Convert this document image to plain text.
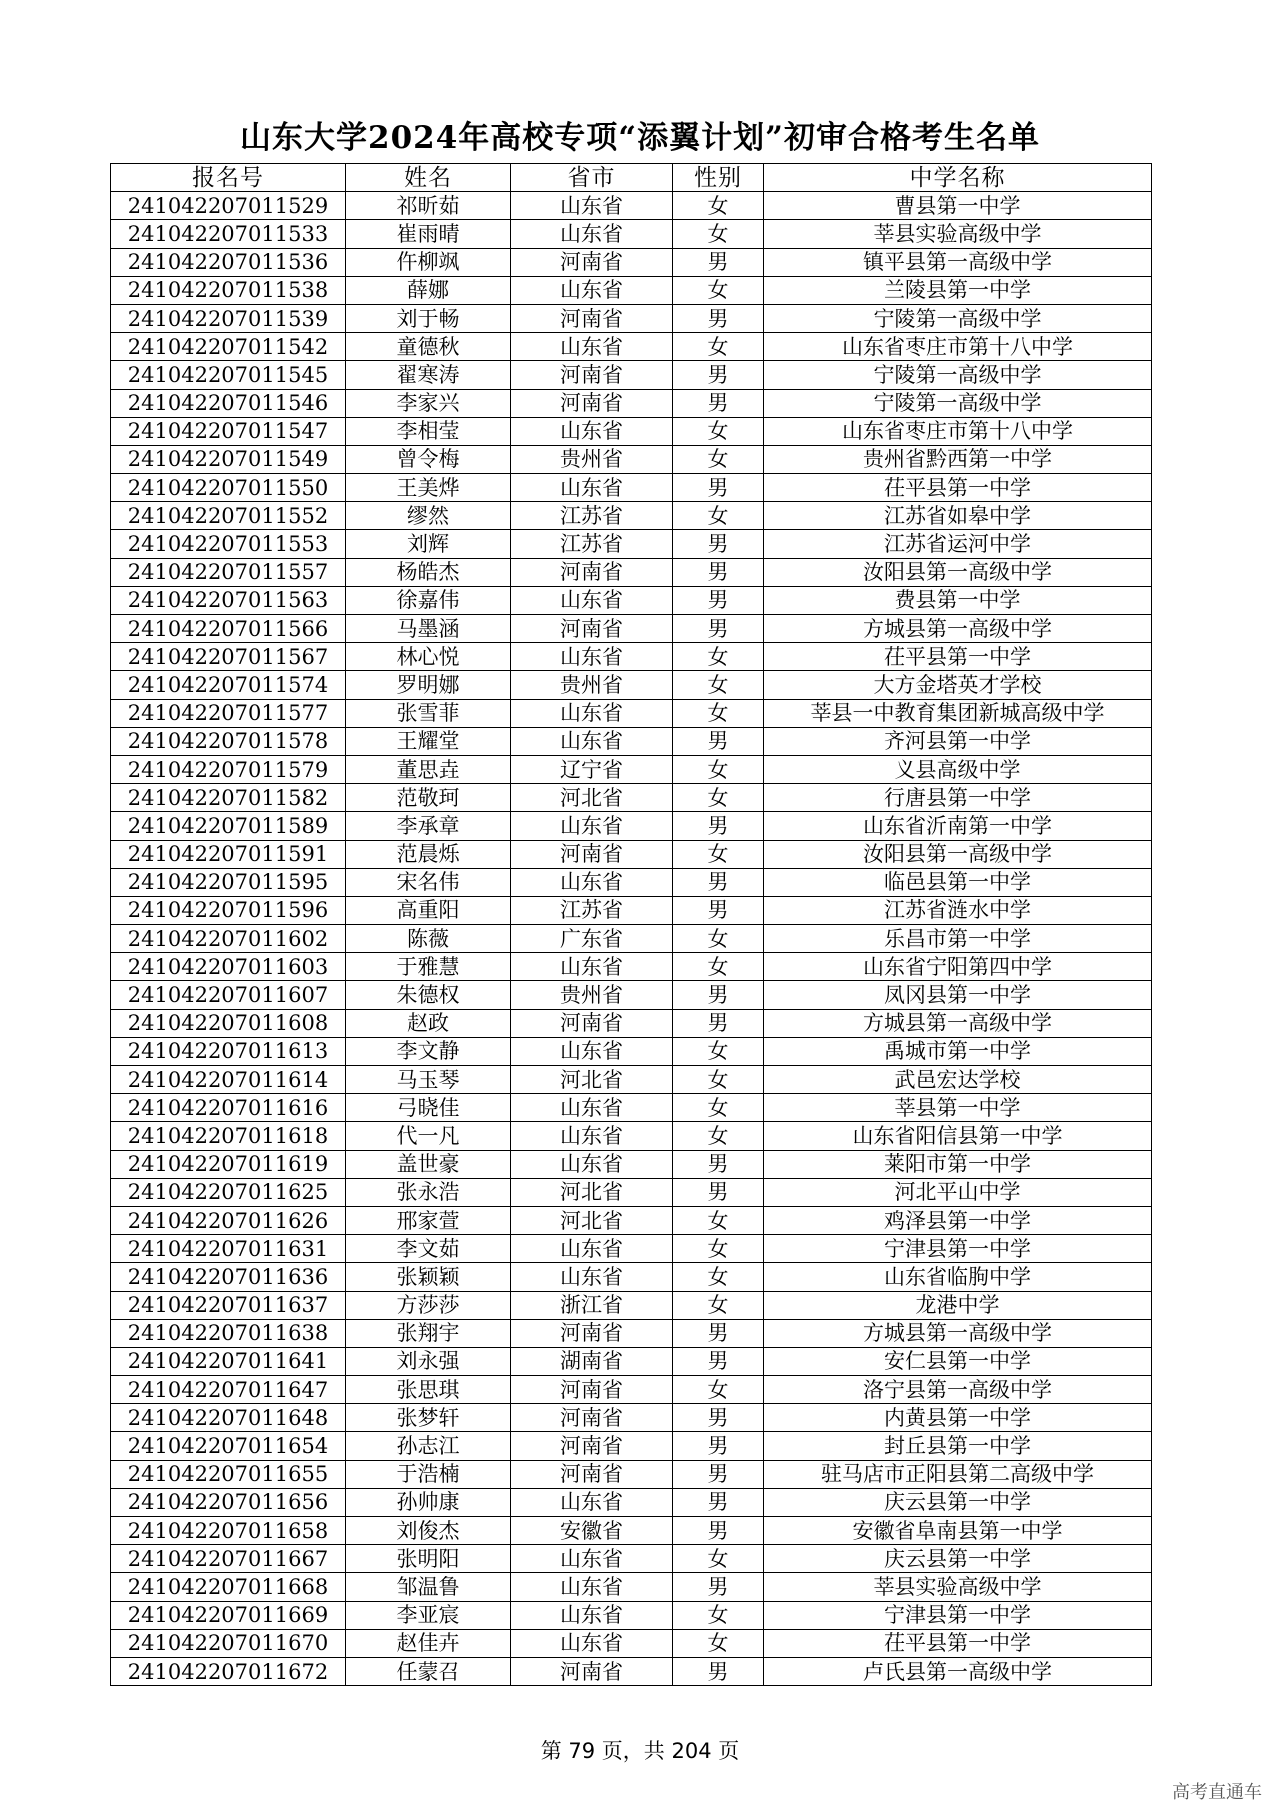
山东大学2024年高校专项“添翼计划”初审合格考生名单
报名号	姓名	省市	性别	中学名称
241042207011529	祁昕茹	山东省	女	曹县第一中学
241042207011533	崔雨晴	山东省	女	莘县实验高级中学
241042207011536	仵柳飒	河南省	男	镇平县第一高级中学
241042207011538	薛娜	山东省	女	兰陵县第一中学
241042207011539	刘于畅	河南省	男	宁陵第一高级中学
241042207011542	童德秋	山东省	女	山东省枣庄市第十八中学
241042207011545	翟寒涛	河南省	男	宁陵第一高级中学
241042207011546	李家兴	河南省	男	宁陵第一高级中学
241042207011547	李相莹	山东省	女	山东省枣庄市第十八中学
241042207011549	曾令梅	贵州省	女	贵州省黔西第一中学
241042207011550	王美烨	山东省	男	茌平县第一中学
241042207011552	缪然	江苏省	女	江苏省如皋中学
241042207011553	刘辉	江苏省	男	江苏省运河中学
241042207011557	杨皓杰	河南省	男	汝阳县第一高级中学
241042207011563	徐嘉伟	山东省	男	费县第一中学
241042207011566	马墨涵	河南省	男	方城县第一高级中学
241042207011567	林心悦	山东省	女	茌平县第一中学
241042207011574	罗明娜	贵州省	女	大方金塔英才学校
241042207011577	张雪菲	山东省	女	莘县一中教育集团新城高级中学
241042207011578	王耀堂	山东省	男	齐河县第一中学
241042207011579	董思垚	辽宁省	女	义县高级中学
241042207011582	范敬珂	河北省	女	行唐县第一中学
241042207011589	李承章	山东省	男	山东省沂南第一中学
241042207011591	范晨烁	河南省	女	汝阳县第一高级中学
241042207011595	宋名伟	山东省	男	临邑县第一中学
241042207011596	高重阳	江苏省	男	江苏省涟水中学
241042207011602	陈薇	广东省	女	乐昌市第一中学
241042207011603	于雅慧	山东省	女	山东省宁阳第四中学
241042207011607	朱德权	贵州省	男	凤冈县第一中学
241042207011608	赵政	河南省	男	方城县第一高级中学
241042207011613	李文静	山东省	女	禹城市第一中学
241042207011614	马玉琴	河北省	女	武邑宏达学校
241042207011616	弓晓佳	山东省	女	莘县第一中学
241042207011618	代一凡	山东省	女	山东省阳信县第一中学
241042207011619	盖世豪	山东省	男	莱阳市第一中学
241042207011625	张永浩	河北省	男	河北平山中学
241042207011626	邢家萱	河北省	女	鸡泽县第一中学
241042207011631	李文茹	山东省	女	宁津县第一中学
241042207011636	张颖颖	山东省	女	山东省临朐中学
241042207011637	方莎莎	浙江省	女	龙港中学
241042207011638	张翔宇	河南省	男	方城县第一高级中学
241042207011641	刘永强	湖南省	男	安仁县第一中学
241042207011647	张思琪	河南省	女	洛宁县第一高级中学
241042207011648	张梦轩	河南省	男	内黄县第一中学
241042207011654	孙志江	河南省	男	封丘县第一中学
241042207011655	于浩楠	河南省	男	驻马店市正阳县第二高级中学
241042207011656	孙帅康	山东省	男	庆云县第一中学
241042207011658	刘俊杰	安徽省	男	安徽省阜南县第一中学
241042207011667	张明阳	山东省	女	庆云县第一中学
241042207011668	邹温鲁	山东省	男	莘县实验高级中学
241042207011669	李亚宸	山东省	女	宁津县第一中学
241042207011670	赵佳卉	山东省	女	茌平县第一中学
241042207011672	任蒙召	河南省	男	卢氏县第一高级中学
第 79 页，共 204 页
高考直通车
